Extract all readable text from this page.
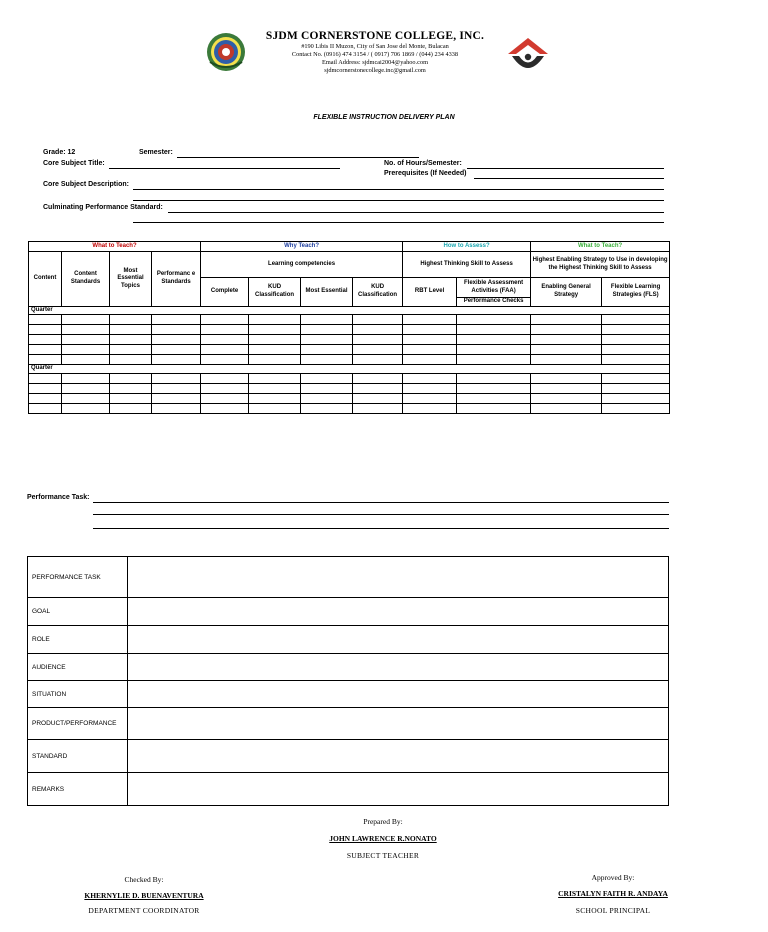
SJDM CORNERSTONE COLLEGE, INC.
#190 Libis II Muzon, City of San Jose del Monte, Bulacan
Contact No. (0916) 474 3154 / ( 0917) 706 1869 / (044) 234 4338
Email Address: sjdmcai2004@yahoo.com
sjdmcornerstonecollege.inc@gmail.com
FLEXIBLE INSTRUCTION DELIVERY PLAN
Grade: 12	Semester:
Core Subject Title:	No. of Hours/Semester:
Prerequisites (If Needed)
Core Subject Description:
Culminating Performance Standard:
What to Teach?				Why Teach?				How to Assess?		What to Teach?	
Content	Content Standards	Most Essential Topics	Performanc e Standards	Learning competencies				Highest Thinking Skill to Assess		Highest Enabling Strategy to Use in developing the Highest Thinking Skill to Assess	
				Complete	KUD Classification	Most Essential	KUD Classification	RBT Level	Flexible Assessment Activities (FAA)	Enabling General Strategy	Flexible Learning Strategies (FLS)
									Performance Checks		
Quarter											

Quarter											

Performance Task:
PERFORMANCE TASK	
GOAL	
ROLE	
AUDIENCE	
SITUATION	
PRODUCT/PERFORMANCE	
STANDARD	
REMARKS	
Prepared By:
JOHN LAWRENCE R.NONATO
SUBJECT TEACHER
Checked By:
KHERNYLIE D. BUENAVENTURA
DEPARTMENT COORDINATOR
Approved By:
CRISTALYN FAITH R. ANDAYA
SCHOOL PRINCIPAL
